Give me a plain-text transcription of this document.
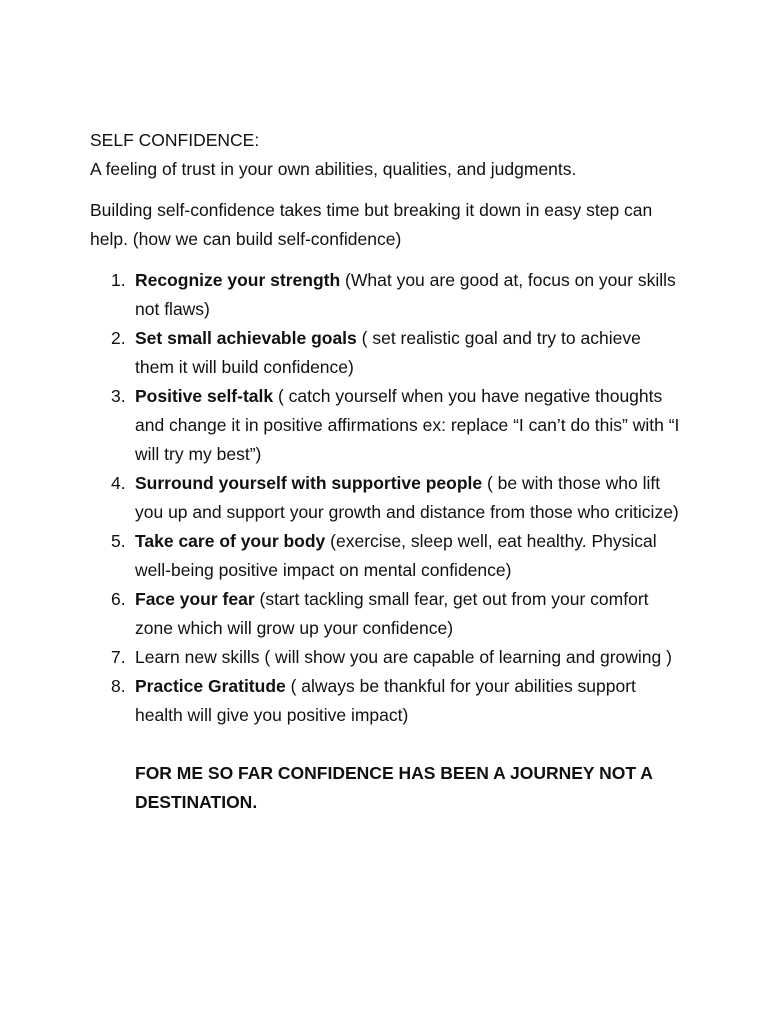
SELF CONFIDENCE:

A feeling of trust in your own abilities, qualities, and judgments.

Building self-confidence takes time but breaking it down in easy step can help. (how we can build self-confidence)

1. Recognize your strength (What you are good at, focus on your skills not flaws)
2. Set small achievable goals ( set realistic goal and try to achieve them it will build confidence)
3. Positive self-talk ( catch yourself when you have negative thoughts and change it in positive affirmations ex: replace “I can’t do this” with “I will try my best”)
4. Surround yourself with supportive people ( be with those who lift you up and support your growth and distance from those who criticize)
5. Take care of your body (exercise, sleep well, eat healthy. Physical well-being positive impact on mental confidence)
6. Face your fear (start tackling small fear, get out from your comfort zone which will grow up your confidence)
7. Learn new skills ( will show you are capable of learning and growing )
8. Practice Gratitude ( always be thankful for your abilities support health will give you positive impact)

FOR ME SO FAR CONFIDENCE HAS BEEN A JOURNEY NOT A DESTINATION.
